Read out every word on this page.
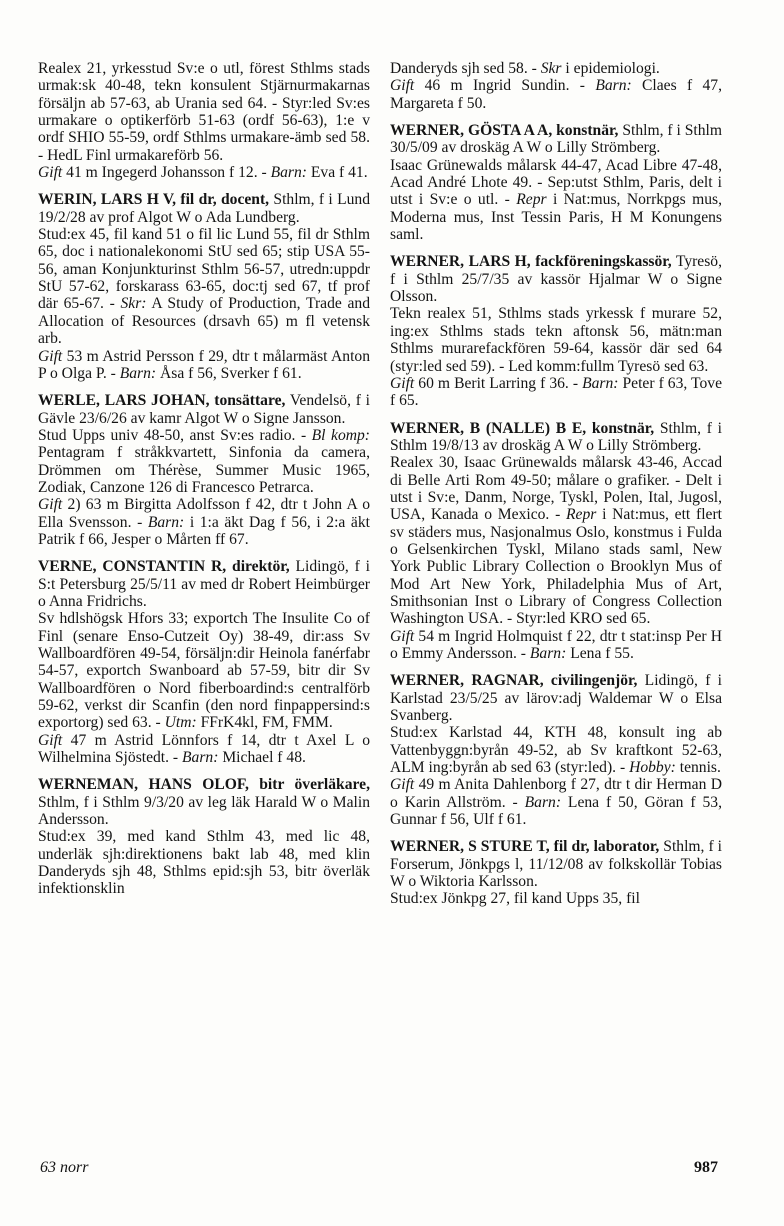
Realex 21, yrkesstud Sv:e o utl, förest Sthlms stads urmak:sk 40-48, tekn konsulent Stjärnurmakarnas försäljn ab 57-63, ab Urania sed 64. - Styr:led Sv:es urmakare o optikerförb 51-63 (ordf 56-63), 1:e v ordf SHIO 55-59, ordf Sthlms urmakare-ämb sed 58. - HedL Finl urmakareförb 56.

Gift 41 m Ingegerd Johansson f 12. - Barn: Eva f 41.

WERIN, LARS H V, fil dr, docent, Sthlm, f i Lund 19/2/28 av prof Algot W o Ada Lundberg.

Stud:ex 45, fil kand 51 o fil lic Lund 55, fil dr Sthlm 65, doc i nationalekonomi StU sed 65; stip USA 55-56, aman Konjunkturinst Sthlm 56-57, utredn:uppdr StU 57-62, forskarass 63-65, doc:tj sed 67, tf prof där 65-67. - Skr: A Study of Production, Trade and Allocation of Resources (drsavh 65) m fl vetensk arb.

Gift 53 m Astrid Persson f 29, dtr t målarmäst Anton P o Olga P. - Barn: Åsa f 56, Sverker f 61.

WERLE, LARS JOHAN, tonsättare, Vendelsö, f i Gävle 23/6/26 av kamr Algot W o Signe Jansson.

Stud Upps univ 48-50, anst Sv:es radio. - Bl komp: Pentagram f stråkkvartett, Sinfonia da camera, Drömmen om Thérèse, Summer Music 1965, Zodiak, Canzone 126 di Francesco Petrarca.

Gift 2) 63 m Birgitta Adolfsson f 42, dtr t John A o Ella Svensson. - Barn: i 1:a äkt Dag f 56, i 2:a äkt Patrik f 66, Jesper o Mårten ff 67.

VERNE, CONSTANTIN R, direktör, Lidingö, f i S:t Petersburg 25/5/11 av med dr Robert Heimbürger o Anna Fridrichs.

Sv hdlshögsk Hfors 33; exportch The Insulite Co of Finl (senare Enso-Cutzeit Oy) 38-49, dir:ass Sv Wallboardfören 49-54, försäljn:dir Heinola fanérfabr 54-57, exportch Swanboard ab 57-59, bitr dir Sv Wallboardfören o Nord fiberboardind:s centralförb 59-62, verkst dir Scanfin (den nord finpappersind:s exportorg) sed 63. - Utm: FFrK4kl, FM, FMM.

Gift 47 m Astrid Lönnfors f 14, dtr t Axel L o Wilhelmina Sjöstedt. - Barn: Michael f 48.

WERNEMAN, HANS OLOF, bitr överläkare, Sthlm, f i Sthlm 9/3/20 av leg läk Harald W o Malin Andersson.

Stud:ex 39, med kand Sthlm 43, med lic 48, underläk sjh:direktionens bakt lab 48, med klin Danderyds sjh 48, Sthlms epid:sjh 53, bitr överläk infektionsklin

Danderyds sjh sed 58. - Skr i epidemiologi.

Gift 46 m Ingrid Sundin. - Barn: Claes f 47, Margareta f 50.

WERNER, GÖSTA A A, konstnär, Sthlm, f i Sthlm 30/5/09 av droskäg A W o Lilly Strömberg.

Isaac Grünewalds målarsk 44-47, Acad Libre 47-48, Acad André Lhote 49. - Sep:utst Sthlm, Paris, delt i utst i Sv:e o utl. - Repr i Nat:mus, Norrkpgs mus, Moderna mus, Inst Tessin Paris, H M Konungens saml.

WERNER, LARS H, fackföreningskassör, Tyresö, f i Sthlm 25/7/35 av kassör Hjalmar W o Signe Olsson.

Tekn realex 51, Sthlms stads yrkessk f murare 52, ing:ex Sthlms stads tekn aftonsk 56, mätn:man Sthlms murarefackfören 59-64, kassör där sed 64 (styr:led sed 59). - Led komm:fullm Tyresö sed 63.

Gift 60 m Berit Larring f 36. - Barn: Peter f 63, Tove f 65.

WERNER, B (NALLE) B E, konstnär, Sthlm, f i Sthlm 19/8/13 av droskäg A W o Lilly Strömberg.

Realex 30, Isaac Grünewalds målarsk 43-46, Accad di Belle Arti Rom 49-50; målare o grafiker. - Delt i utst i Sv:e, Danm, Norge, Tyskl, Polen, Ital, Jugosl, USA, Kanada o Mexico. - Repr i Nat:mus, ett flert sv städers mus, Nasjonalmus Oslo, konstmus i Fulda o Gelsenkirchen Tyskl, Milano stads saml, New York Public Library Collection o Brooklyn Mus of Mod Art New York, Philadelphia Mus of Art, Smithsonian Inst o Library of Congress Collection Washington USA. - Styr:led KRO sed 65.

Gift 54 m Ingrid Holmquist f 22, dtr t stat:insp Per H o Emmy Andersson. - Barn: Lena f 55.

WERNER, RAGNAR, civilingenjör, Lidingö, f i Karlstad 23/5/25 av lärov:adj Waldemar W o Elsa Svanberg.

Stud:ex Karlstad 44, KTH 48, konsult ing ab Vattenbyggn:byrån 49-52, ab Sv kraftkont 52-63, ALM ing:byrån ab sed 63 (styr:led). - Hobby: tennis.

Gift 49 m Anita Dahlenborg f 27, dtr t dir Herman D o Karin Allström. - Barn: Lena f 50, Göran f 53, Gunnar f 56, Ulf f 61.

WERNER, S STURE T, fil dr, laborator, Sthlm, f i Forserum, Jönkpgs l, 11/12/08 av folkskollär Tobias W o Wiktoria Karlsson.

Stud:ex Jönkpg 27, fil kand Upps 35, fil

63 norr	987
